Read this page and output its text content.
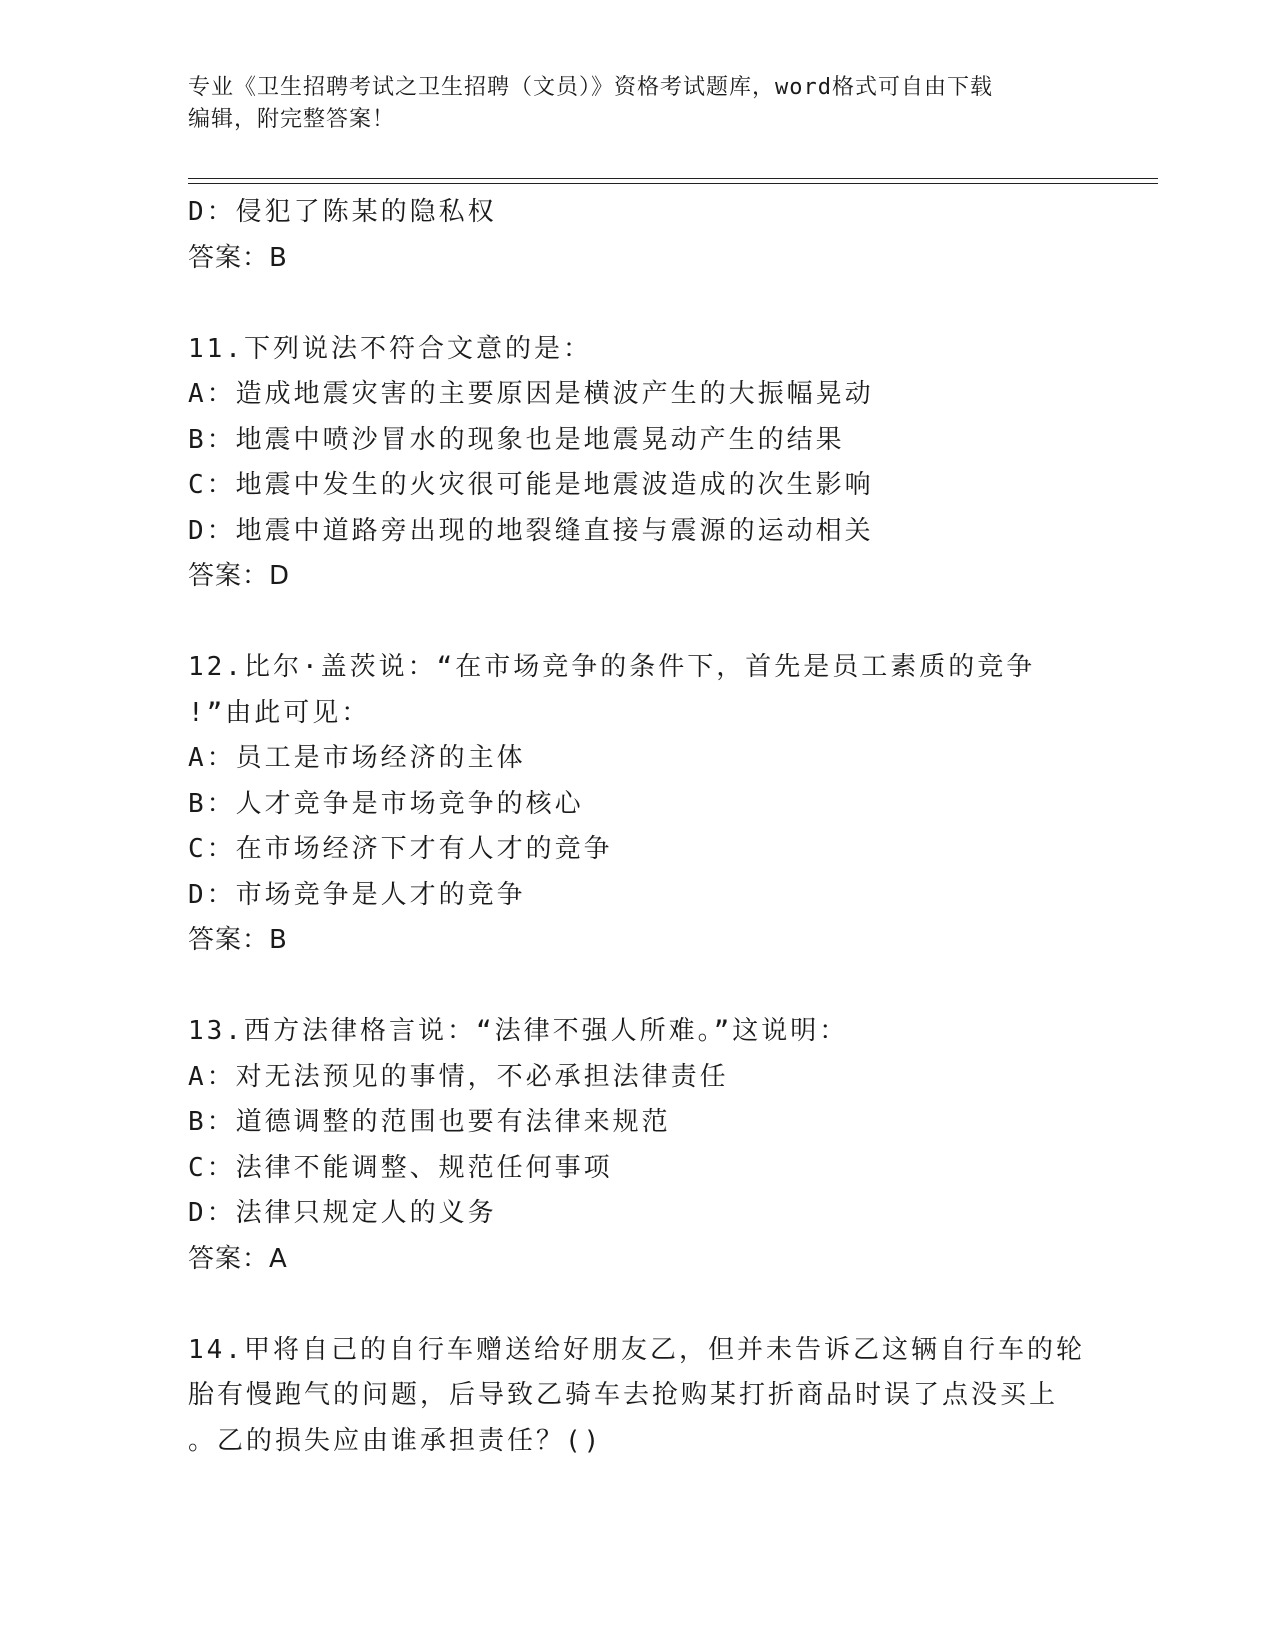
专业《卫生招聘考试之卫生招聘（文员）》资格考试题库，word格式可自由下载
编辑，附完整答案！
D：侵犯了陈某的隐私权
答案：B
11.下列说法不符合文意的是：
A：造成地震灾害的主要原因是横波产生的大振幅晃动
B：地震中喷沙冒水的现象也是地震晃动产生的结果
C：地震中发生的火灾很可能是地震波造成的次生影响
D：地震中道路旁出现的地裂缝直接与震源的运动相关
答案：D
12.比尔·盖茨说：“在市场竞争的条件下，首先是员工素质的竞争
!”由此可见：
A：员工是市场经济的主体
B：人才竞争是市场竞争的核心
C：在市场经济下才有人才的竞争
D：市场竞争是人才的竞争
答案：B
13.西方法律格言说：“法律不强人所难。”这说明：
A：对无法预见的事情，不必承担法律责任
B：道德调整的范围也要有法律来规范
C：法律不能调整、规范任何事项
D：法律只规定人的义务
答案：A
14.甲将自己的自行车赠送给好朋友乙，但并未告诉乙这辆自行车的轮
胎有慢跑气的问题，后导致乙骑车去抢购某打折商品时误了点没买上
。乙的损失应由谁承担责任？()
